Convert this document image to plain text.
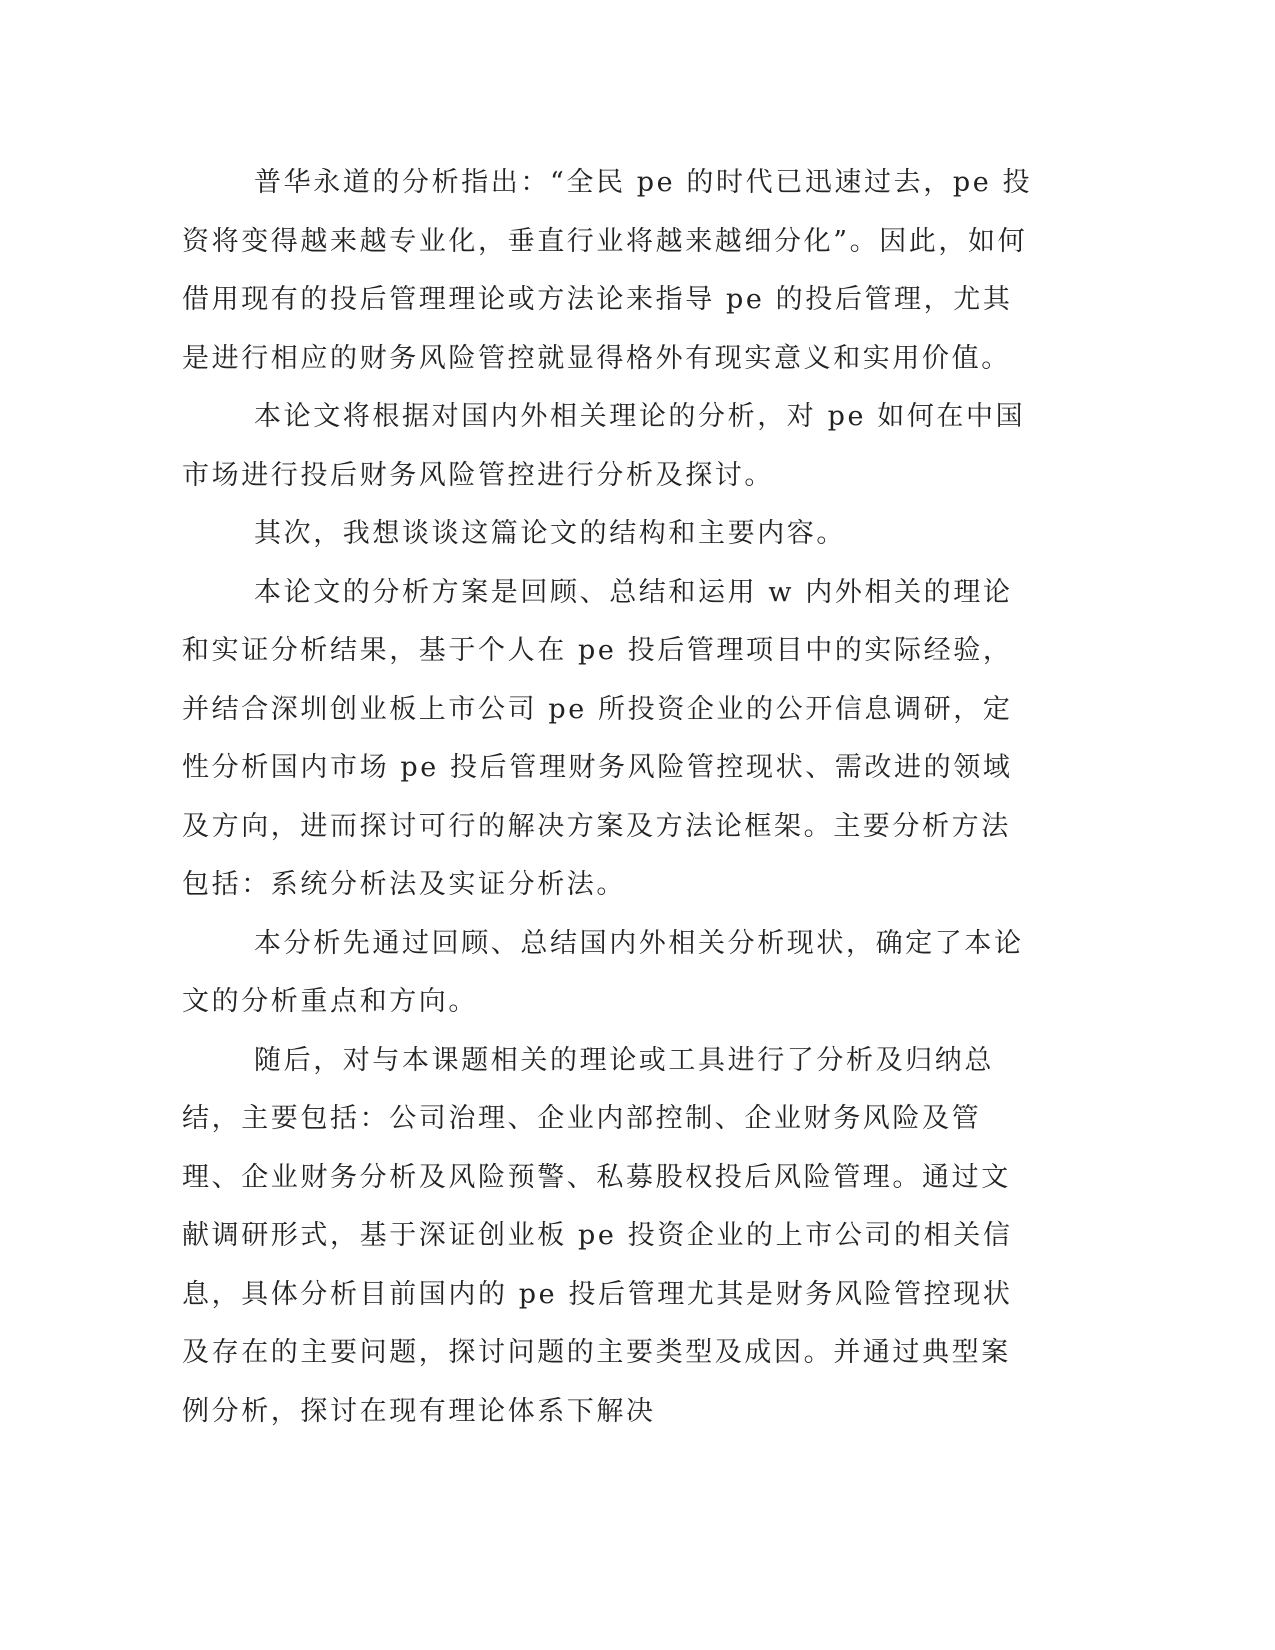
普华永道的分析指出：“全民 pe 的时代已迅速过去，pe 投资将变得越来越专业化，垂直行业将越来越细分化”。因此，如何借用现有的投后管理理论或方法论来指导 pe 的投后管理，尤其是进行相应的财务风险管控就显得格外有现实意义和实用价值。

本论文将根据对国内外相关理论的分析，对 pe 如何在中国市场进行投后财务风险管控进行分析及探讨。

其次，我想谈谈这篇论文的结构和主要内容。

本论文的分析方案是回顾、总结和运用 w 内外相关的理论和实证分析结果，基于个人在 pe 投后管理项目中的实际经验，并结合深圳创业板上市公司 pe 所投资企业的公开信息调研，定性分析国内市场 pe 投后管理财务风险管控现状、需改进的领域及方向，进而探讨可行的解决方案及方法论框架。主要分析方法包括：系统分析法及实证分析法。

本分析先通过回顾、总结国内外相关分析现状，确定了本论文的分析重点和方向。

随后，对与本课题相关的理论或工具进行了分析及归纳总结，主要包括：公司治理、企业内部控制、企业财务风险及管理、企业财务分析及风险预警、私募股权投后风险管理。通过文献调研形式，基于深证创业板 pe 投资企业的上市公司的相关信息，具体分析目前国内的 pe 投后管理尤其是财务风险管控现状及存在的主要问题，探讨问题的主要类型及成因。并通过典型案例分析，探讨在现有理论体系下解决
